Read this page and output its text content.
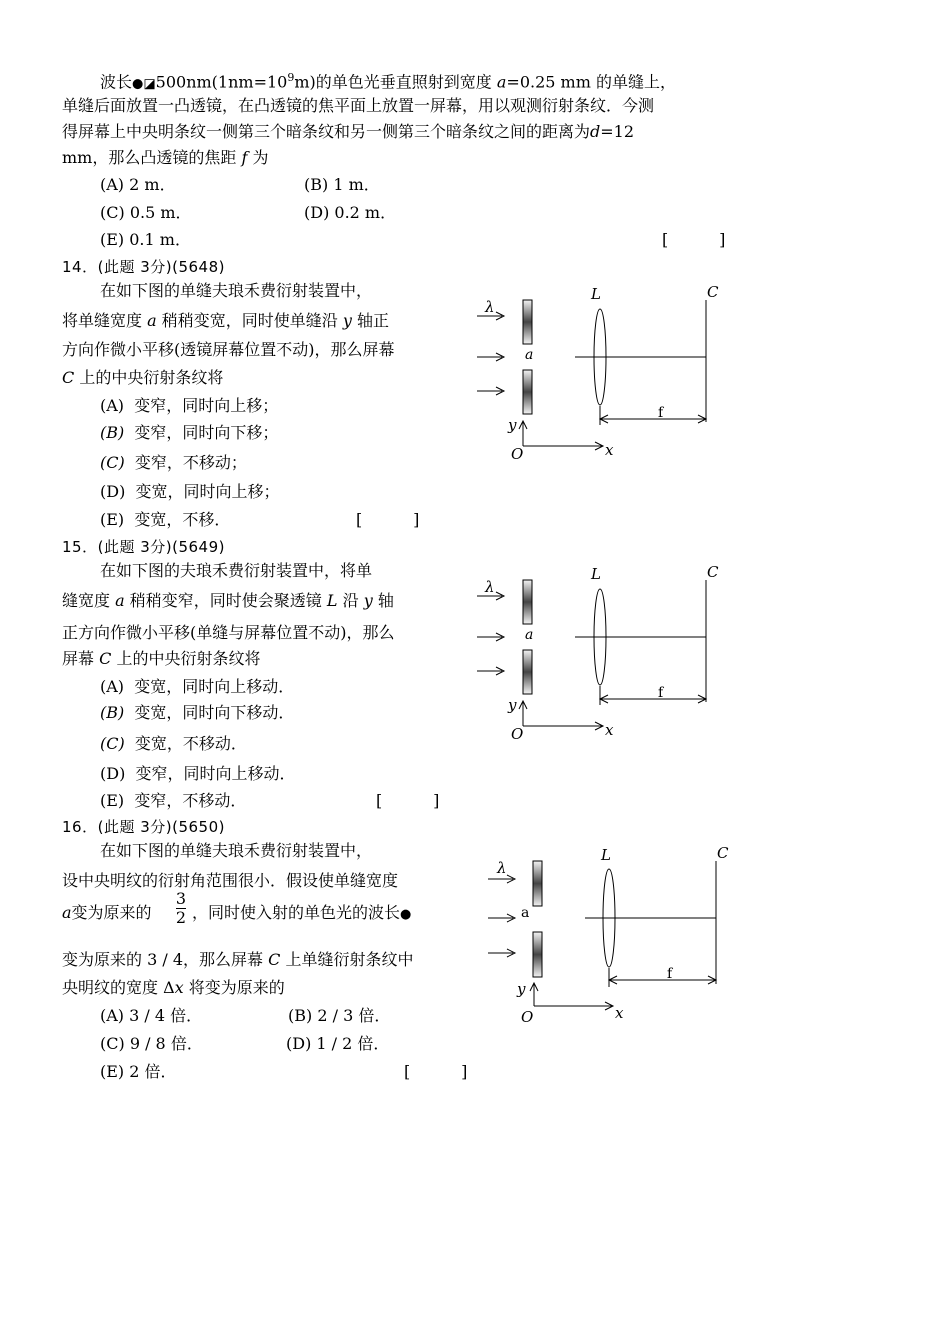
波长$●◪500nm(1nm=10^9m)$的单色光垂直照射到宽度 a=0.25 mm 的单缝上，
单缝后面放置一凸透镜，在凸透镜的焦平面上放置一屏幕，用以观测衍射条纹．今测
得屏幕上中央明条纹一侧第三个暗条纹和另一侧第三个暗条纹之间的距离为d=12
mm，那么凸透镜的焦距 f 为
(A) 2 m．	(B) 1 m．
(C) 0.5 m．	(D) 0.2 m．
(E) 0.1 m．	[          ]
14．(此题 3分)(5648)
在如下图的单缝夫琅禾费衍射装置中，
将单缝宽度 a 稍稍变宽，同时使单缝沿 y 轴正
方向作微小平移(透镜屏幕位置不动)，那么屏幕
C 上的中央衍射条纹将
(A) 变窄，同时向上移；
(B) 变窄，同时向下移；
(C) 变窄，不移动；
(D) 变宽，同时向上移；
(E) 变宽，不移．	[          ]
λ
a
L	C
f
y
O	x
15．(此题 3分)(5649)
在如下图的夫琅禾费衍射装置中，将单
缝宽度 a 稍稍变窄，同时使会聚透镜 L 沿 y 轴
正方向作微小平移(单缝与屏幕位置不动)，那么
屏幕 C 上的中央衍射条纹将
(A) 变宽，同时向上移动．
(B) 变宽，同时向下移动．
(C) 变宽，不移动．
(D) 变窄，同时向上移动．
(E) 变窄，不移动．	[          ]
λ
a
L	C
f
y
O	x
16．(此题 3分)(5650)
在如下图的单缝夫琅禾费衍射装置中，
设中央明纹的衍射角范围很小．假设使单缝宽度
a变为原来的
3
2 ，同时使入射的单色光的波长●
变为原来的 3 / 4，那么屏幕 C 上单缝衍射条纹中
央明纹的宽度 Δx 将变为原来的
(A) 3 / 4 倍．	(B) 2 / 3 倍．
(C) 9 / 8 倍．	(D) 1 / 2 倍．
(E) 2 倍．	[          ]
λ
a
L	C
f
y
O	x
